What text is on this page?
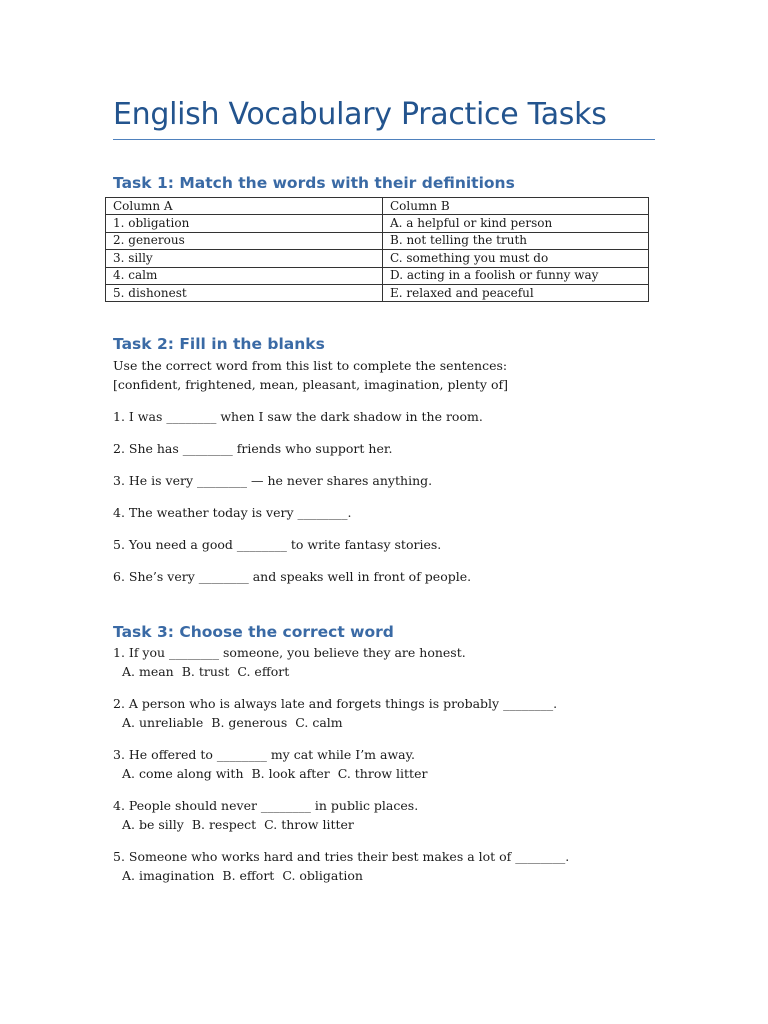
English Vocabulary Practice Tasks
Task 1: Match the words with their definitions
Column A	Column B
1. obligation	A. a helpful or kind person
2. generous	B. not telling the truth
3. silly	C. something you must do
4. calm	D. acting in a foolish or funny way
5. dishonest	E. relaxed and peaceful
Task 2: Fill in the blanks

Use the correct word from this list to complete the sentences:

[confident, frightened, mean, pleasant, imagination, plenty of]

1. I was ________ when I saw the dark shadow in the room.

2. She has ________ friends who support her.

3. He is very ________ — he never shares anything.

4. The weather today is very ________.

5. You need a good ________ to write fantasy stories.

6. She’s very ________ and speaks well in front of people.

Task 3: Choose the correct word

1. If you ________ someone, you believe they are honest.

A. mean B. trust C. effort

2. A person who is always late and forgets things is probably ________.

A. unreliable B. generous C. calm

3. He offered to ________ my cat while I’m away.

A. come along with B. look after C. throw litter

4. People should never ________ in public places.

A. be silly B. respect C. throw litter

5. Someone who works hard and tries their best makes a lot of ________.

A. imagination B. effort C. obligation
